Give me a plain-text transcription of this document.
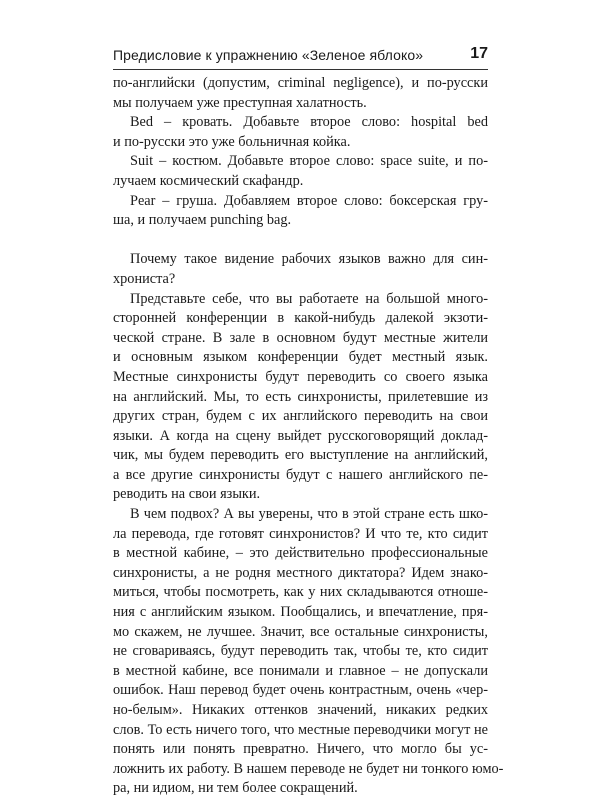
Предисловие к упражнению «Зеленое яблоко»	17

по-английски (допустим, criminal negligence), и по-русски
мы получаем уже преступная халатность.

Bed – кровать. Добавьте второе слово: hospital bed
и по-русски это уже больничная койка.

Suit – костюм. Добавьте второе слово: space suite, и по-
лучаем космический скафандр.

Pear – груша. Добавляем второе слово: боксерская гру-
ша, и получаем punching bag.

Почему такое видение рабочих языков важно для син-
хрониста?

Представьте себе, что вы работаете на большой много-
сторонней конференции в какой-нибудь далекой экзоти-
ческой стране. В зале в основном будут местные жители
и основным языком конференции будет местный язык.
Местные синхронисты будут переводить со своего языка
на английский. Мы, то есть синхронисты, прилетевшие из
других стран, будем с их английского переводить на свои
языки. А когда на сцену выйдет русскоговорящий доклад-
чик, мы будем переводить его выступление на английский,
а все другие синхронисты будут с нашего английского пе-
реводить на свои языки.

В чем подвох? А вы уверены, что в этой стране есть шко-
ла перевода, где готовят синхронистов? И что те, кто сидит
в местной кабине, – это действительно профессиональные
синхронисты, а не родня местного диктатора? Идем знако-
миться, чтобы посмотреть, как у них складываются отноше-
ния с английским языком. Пообщались, и впечатление, пря-
мо скажем, не лучшее. Значит, все остальные синхронисты,
не сговариваясь, будут переводить так, чтобы те, кто сидит
в местной кабине, все понимали и главное – не допускали
ошибок. Наш перевод будет очень контрастным, очень «чер-
но-белым». Никаких оттенков значений, никаких редких
слов. То есть ничего того, что местные переводчики могут не
понять или понять превратно. Ничего, что могло бы ус-
ложнить их работу. В нашем переводе не будет ни тонкого юмо-
ра, ни идиом, ни тем более сокращений.
